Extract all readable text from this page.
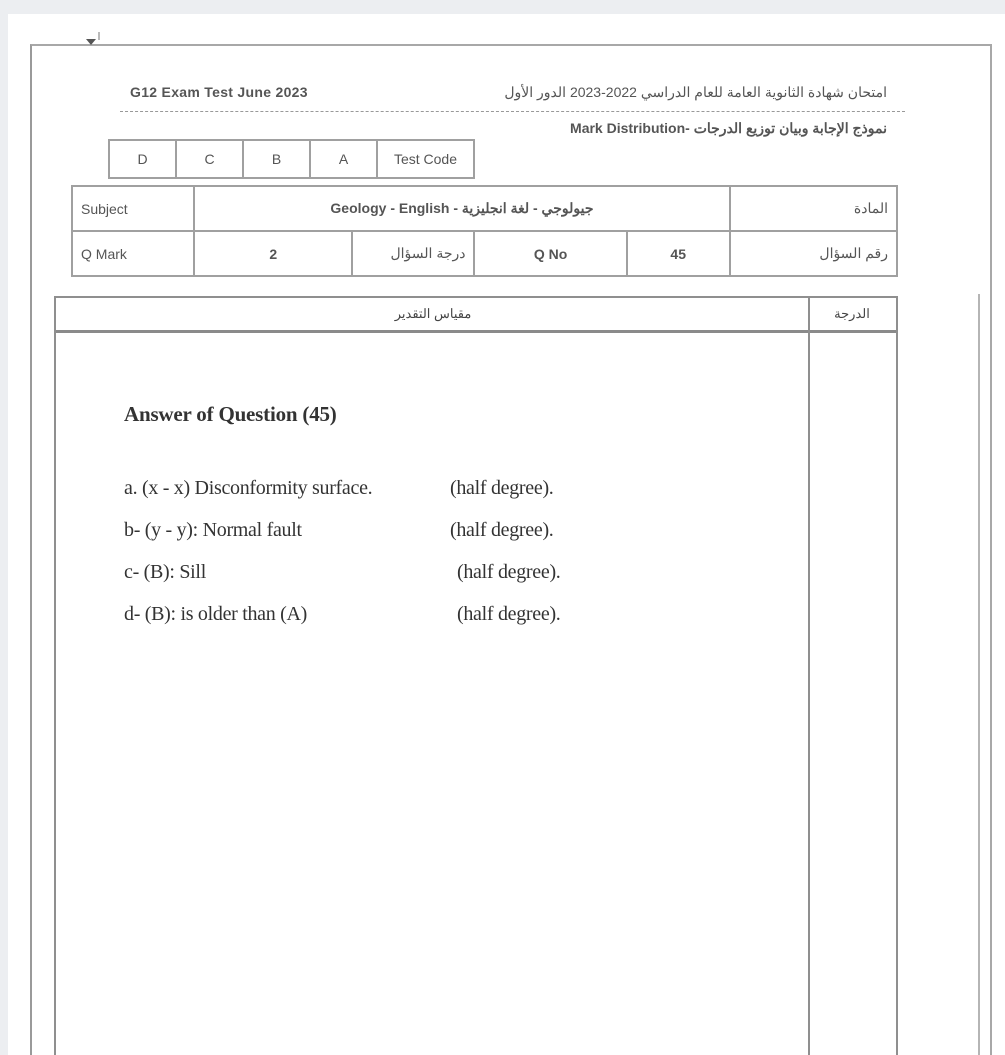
G12 Exam Test June 2023	امتحان شهادة الثانوية العامة للعام الدراسي 2022-2023 الدور الأول
نموذج الإجابة وبيان توزيع الدرجات -Mark Distribution
D	C	B	A	Test Code
Subject	جيولوجي - لغة انجليزية - Geology - English				المادة
Q Mark	2	درجة السؤال	Q No	45	رقم السؤال
مقياس التقدير	الدرجة
Answer of Question (45)
a. (x - x) Disconformity surface.	(half degree).
b- (y - y): Normal fault	(half degree).
c- (B): Sill	(half degree).
d- (B): is older than (A)	(half degree).
